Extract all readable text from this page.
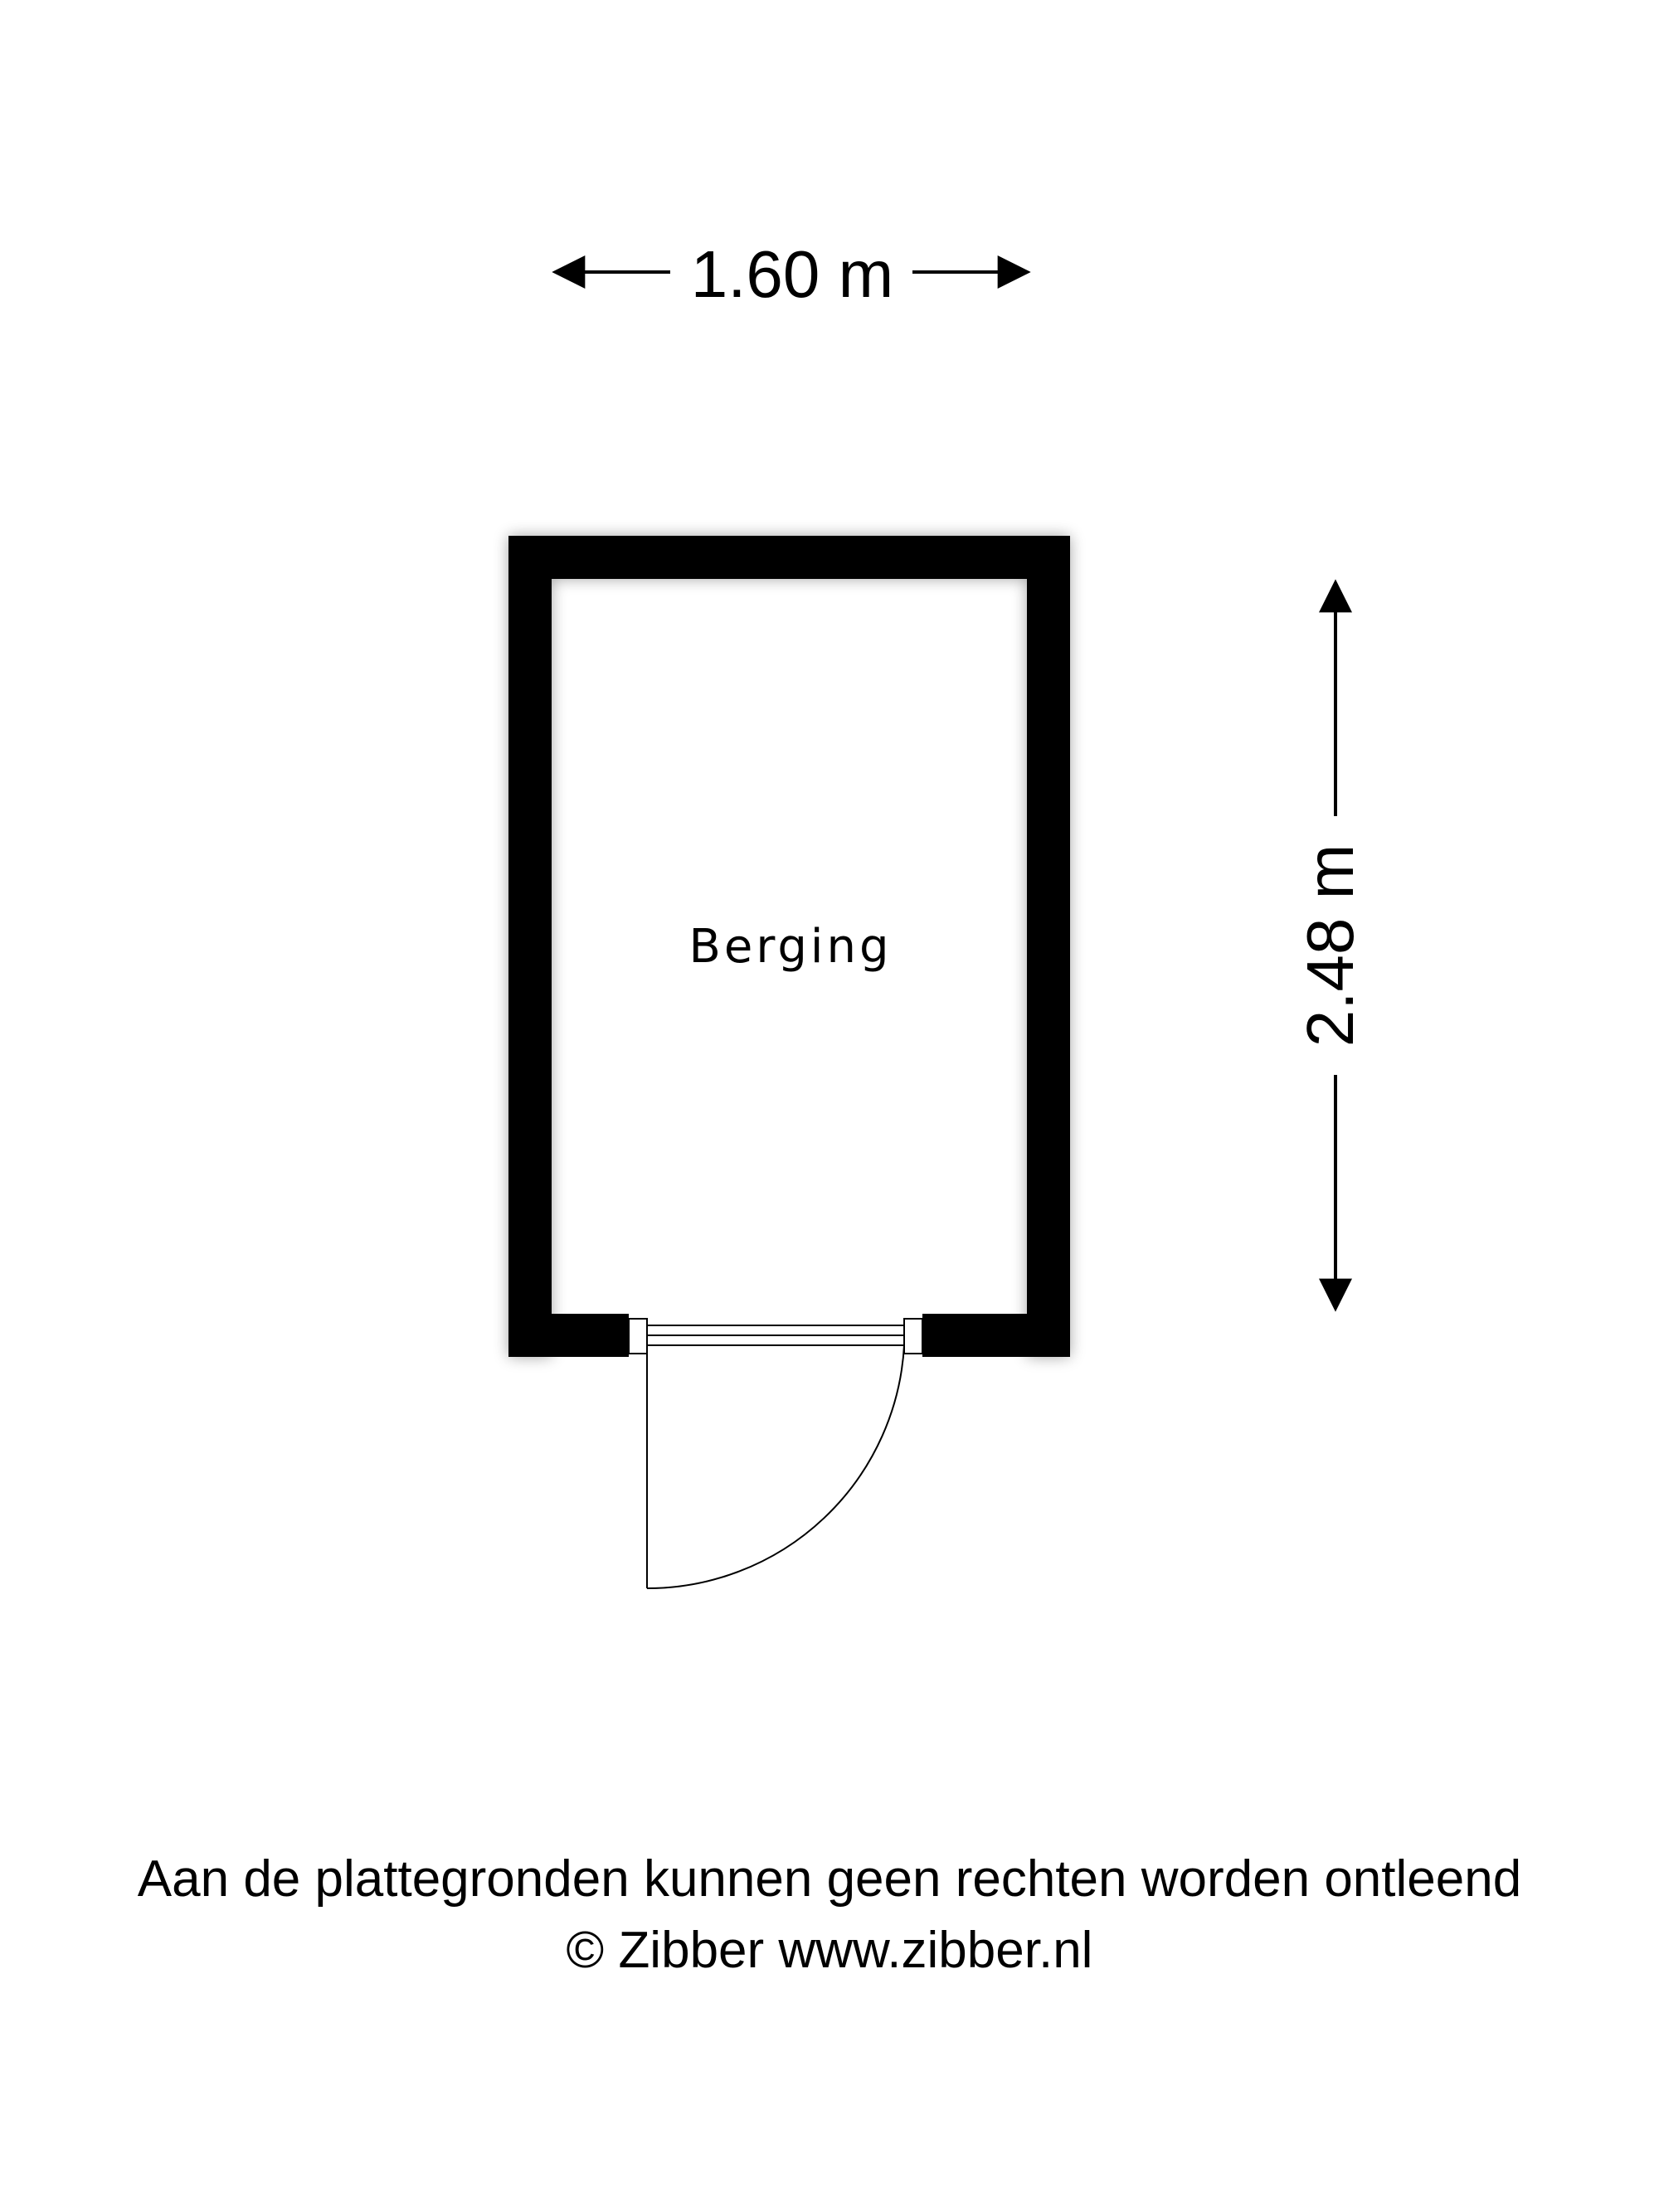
1.60 m
2.48 m
Berging
Aan de plattegronden kunnen geen rechten worden ontleend
© Zibber www.zibber.nl
